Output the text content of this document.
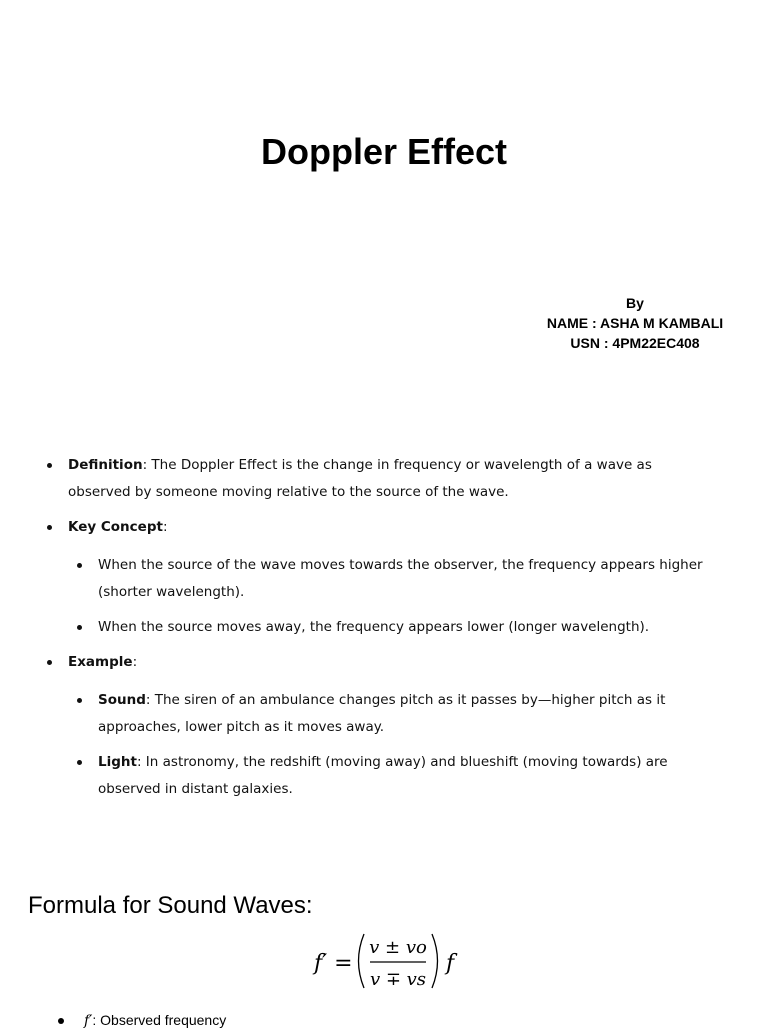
Doppler Effect
By
NAME : ASHA M KAMBALI
USN : 4PM22EC408
Definition: The Doppler Effect is the change in frequency or wavelength of a wave as observed by someone moving relative to the source of the wave.
Key Concept:
When the source of the wave moves towards the observer, the frequency appears higher (shorter wavelength).
When the source moves away, the frequency appears lower (longer wavelength).
Example:
Sound: The siren of an ambulance changes pitch as it passes by—higher pitch as it approaches, lower pitch as it moves away.
Light: In astronomy, the redshift (moving away) and blueshift (moving towards) are observed in distant galaxies.
Formula for Sound Waves:
f′ =
v ± vo
v ∓ vs
f
f′: Observed frequency
